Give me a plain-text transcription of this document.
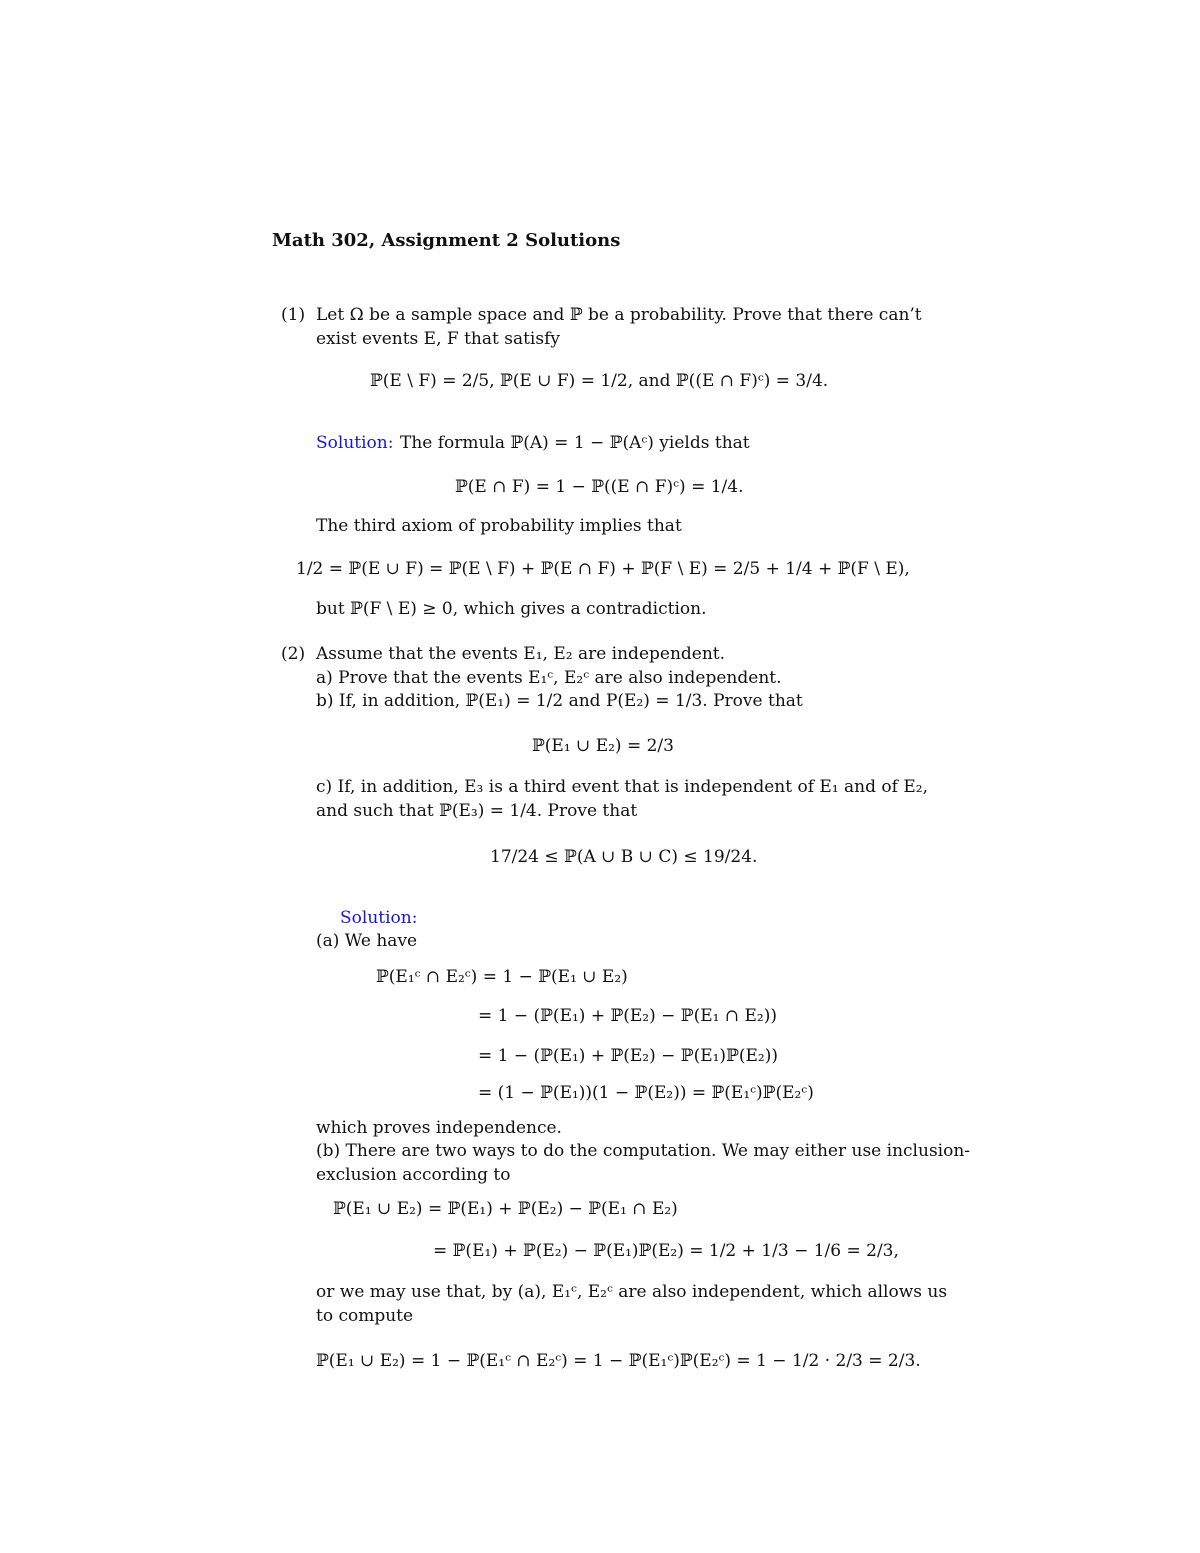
Math 302, Assignment 2 Solutions
(1) Let Ω be a sample space and ℙ be a probability. Prove that there can’t
exist events E, F that satisfy
ℙ(E \ F) = 2/5, ℙ(E ∪ F) = 1/2, and ℙ((E ∩ F)ᶜ) = 3/4.
Solution: The formula ℙ(A) = 1 − ℙ(Aᶜ) yields that
ℙ(E ∩ F) = 1 − ℙ((E ∩ F)ᶜ) = 1/4.
The third axiom of probability implies that
1/2 = ℙ(E ∪ F) = ℙ(E \ F) + ℙ(E ∩ F) + ℙ(F \ E) = 2/5 + 1/4 + ℙ(F \ E),
but ℙ(F \ E) ≥ 0, which gives a contradiction.
(2) Assume that the events E₁, E₂ are independent.
a) Prove that the events E₁ᶜ, E₂ᶜ are also independent.
b) If, in addition, ℙ(E₁) = 1/2 and P(E₂) = 1/3. Prove that
ℙ(E₁ ∪ E₂) = 2/3
c) If, in addition, E₃ is a third event that is independent of E₁ and of E₂,
and such that ℙ(E₃) = 1/4. Prove that
17/24 ≤ ℙ(A ∪ B ∪ C) ≤ 19/24.
Solution:
(a) We have
ℙ(E₁ᶜ ∩ E₂ᶜ) = 1 − ℙ(E₁ ∪ E₂)
= 1 − (ℙ(E₁) + ℙ(E₂) − ℙ(E₁ ∩ E₂))
= 1 − (ℙ(E₁) + ℙ(E₂) − ℙ(E₁)ℙ(E₂))
= (1 − ℙ(E₁))(1 − ℙ(E₂)) = ℙ(E₁ᶜ)ℙ(E₂ᶜ)
which proves independence.
(b) There are two ways to do the computation. We may either use inclusion-
exclusion according to
ℙ(E₁ ∪ E₂) = ℙ(E₁) + ℙ(E₂) − ℙ(E₁ ∩ E₂)
= ℙ(E₁) + ℙ(E₂) − ℙ(E₁)ℙ(E₂) = 1/2 + 1/3 − 1/6 = 2/3,
or we may use that, by (a), E₁ᶜ, E₂ᶜ are also independent, which allows us
to compute
ℙ(E₁ ∪ E₂) = 1 − ℙ(E₁ᶜ ∩ E₂ᶜ) = 1 − ℙ(E₁ᶜ)ℙ(E₂ᶜ) = 1 − 1/2 · 2/3 = 2/3.
